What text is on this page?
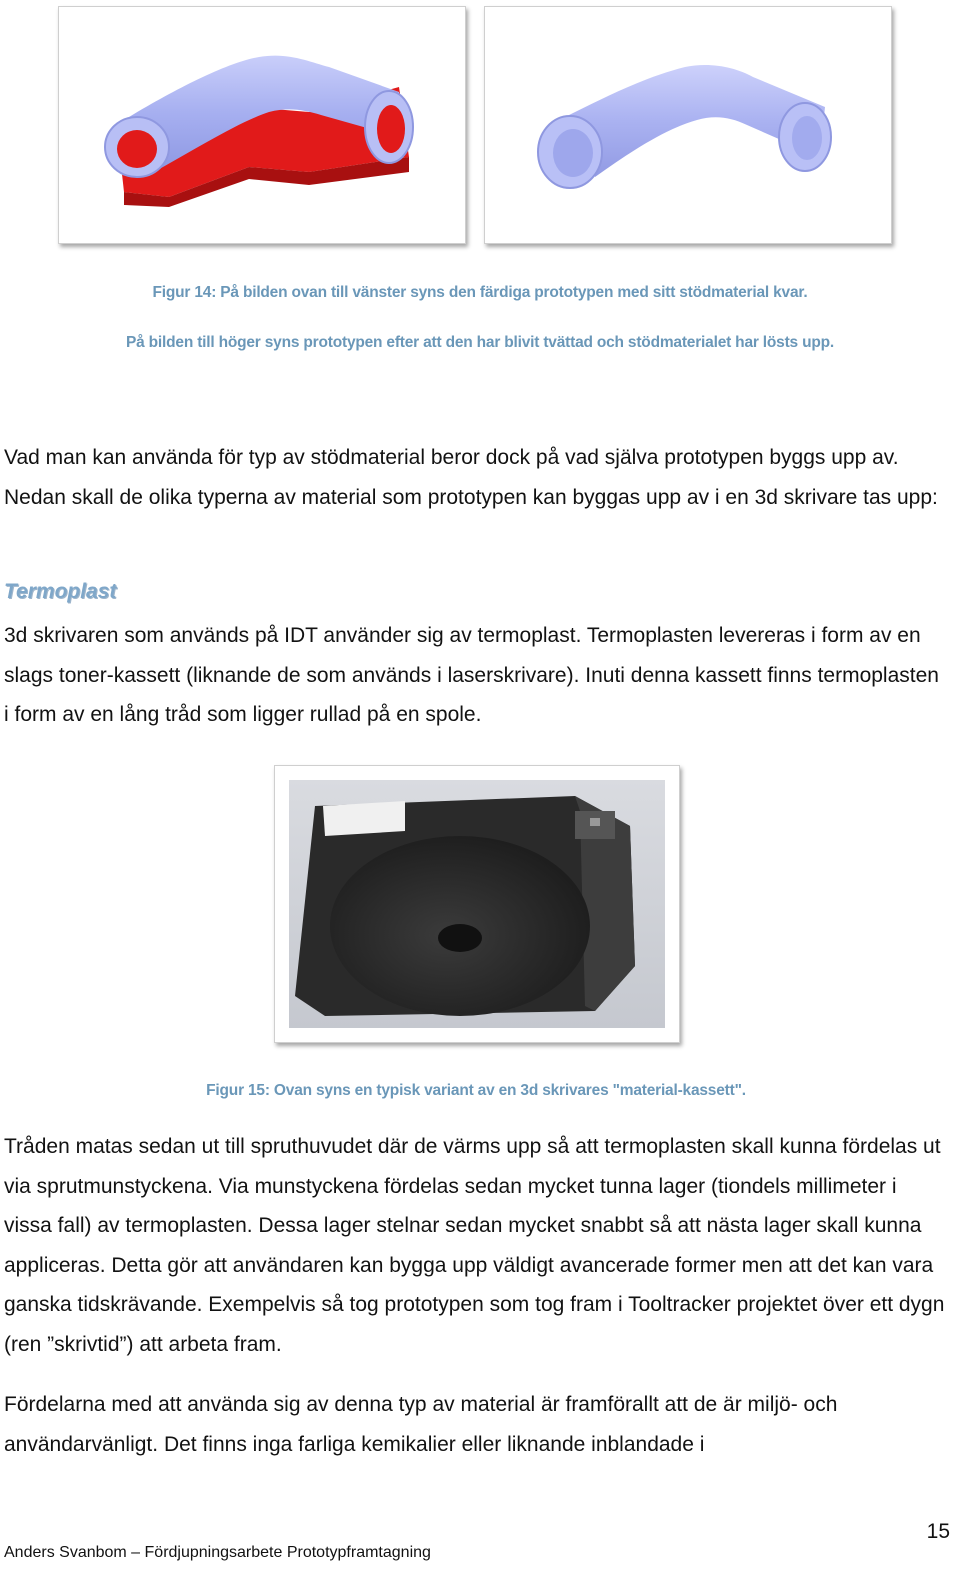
Figur 14: På bilden ovan till vänster syns den färdiga prototypen med sitt stödmaterial kvar.
På bilden till höger syns prototypen efter att den har blivit tvättad och stödmaterialet har lösts upp.

Vad man kan använda för typ av stödmaterial beror dock på vad själva prototypen byggs upp av. Nedan skall de olika typerna av material som prototypen kan byggas upp av i en 3d skrivare tas upp:

Termoplast

3d skrivaren som används på IDT använder sig av termoplast. Termoplasten levereras i form av en slags toner-kassett (liknande de som används i laserskrivare). Inuti denna kassett finns termoplasten i form av en lång tråd som ligger rullad på en spole.

Figur 15: Ovan syns en typisk variant av en 3d skrivares "material-kassett".

Tråden matas sedan ut till spruthuvudet där de värms upp så att termoplasten skall kunna fördelas ut via sprutmunstyckena. Via munstyckena fördelas sedan mycket tunna lager (tiondels millimeter i vissa fall) av termoplasten. Dessa lager stelnar sedan mycket snabbt så att nästa lager skall kunna appliceras. Detta gör att användaren kan bygga upp väldigt avancerade former men att det kan vara ganska tidskrävande. Exempelvis så tog prototypen som tog fram i Tooltracker projektet över ett dygn (ren ”skrivtid”) att arbeta fram.

Fördelarna med att använda sig av denna typ av material är framförallt att de är miljö- och användarvänligt. Det finns inga farliga kemikalier eller liknande inblandade i

15
Anders Svanbom – Fördjupningsarbete Prototypframtagning
